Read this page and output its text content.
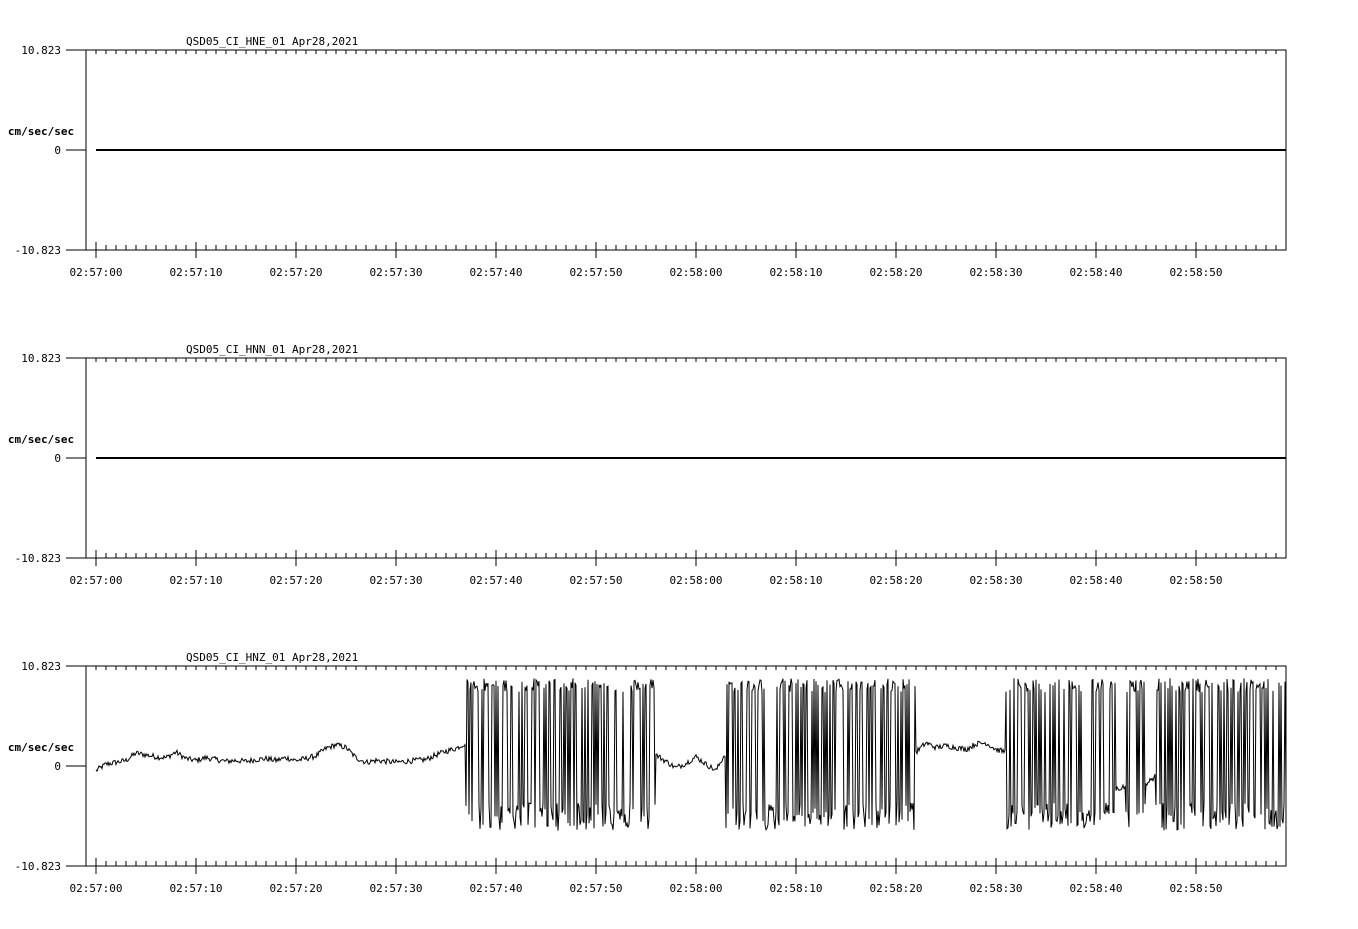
QSD05_CI_HNE_01 Apr28,2021
10.823
0
-10.823
cm/sec/sec
02:57:00	02:57:10	02:57:20	02:57:30	02:57:40	02:57:50	02:58:00	02:58:10	02:58:20	02:58:30	02:58:40	02:58:50
QSD05_CI_HNN_01 Apr28,2021
10.823
0
-10.823
cm/sec/sec
02:57:00	02:57:10	02:57:20	02:57:30	02:57:40	02:57:50	02:58:00	02:58:10	02:58:20	02:58:30	02:58:40	02:58:50
QSD05_CI_HNZ_01 Apr28,2021
10.823
0
-10.823
cm/sec/sec
02:57:00	02:57:10	02:57:20	02:57:30	02:57:40	02:57:50	02:58:00	02:58:10	02:58:20	02:58:30	02:58:40	02:58:50
